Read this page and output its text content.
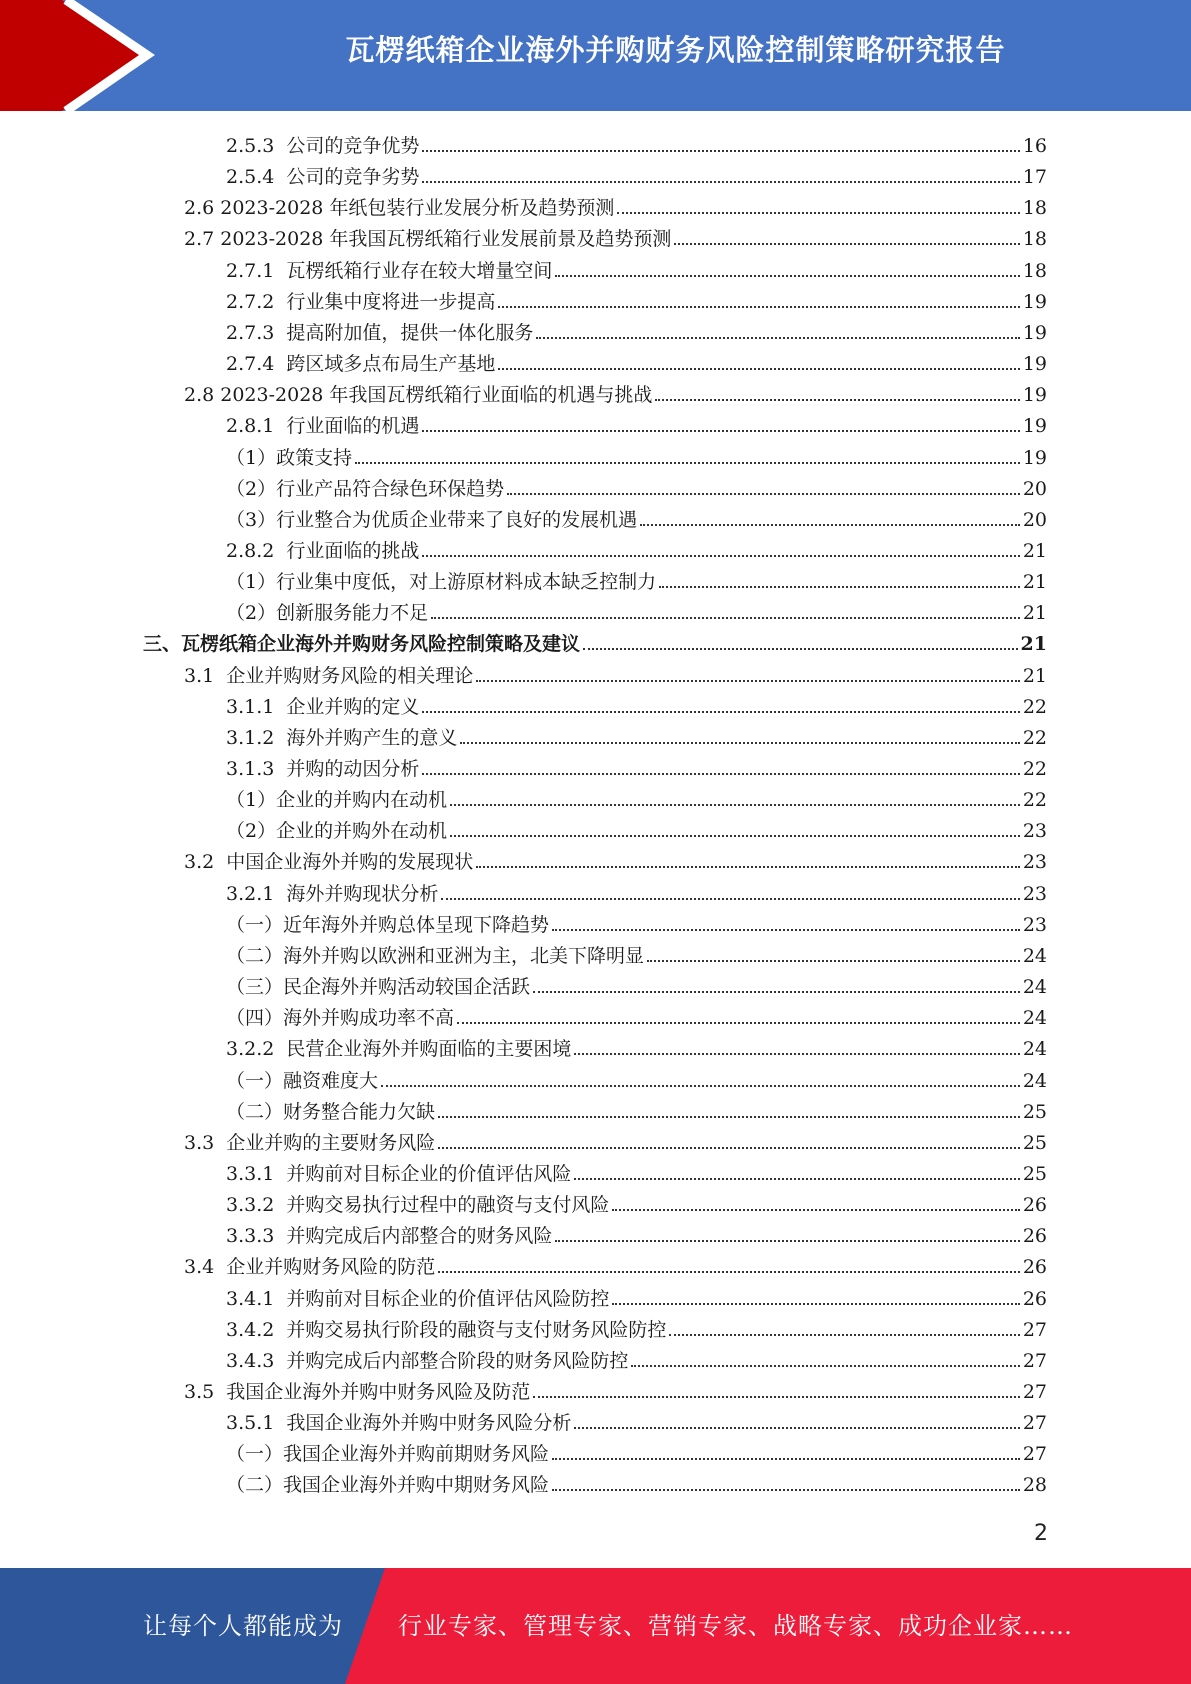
瓦楞纸箱企业海外并购财务风险控制策略研究报告
2.5.3  公司的竞争优势	16
2.5.4  公司的竞争劣势	17
2.6 2023-2028 年纸包装行业发展分析及趋势预测	18
2.7 2023-2028 年我国瓦楞纸箱行业发展前景及趋势预测	18
2.7.1  瓦楞纸箱行业存在较大增量空间	18
2.7.2  行业集中度将进一步提高	19
2.7.3  提高附加值，提供一体化服务	19
2.7.4  跨区域多点布局生产基地	19
2.8 2023-2028 年我国瓦楞纸箱行业面临的机遇与挑战	19
2.8.1  行业面临的机遇	19
（1）政策支持	19
（2）行业产品符合绿色环保趋势	20
（3）行业整合为优质企业带来了良好的发展机遇	20
2.8.2  行业面临的挑战	21
（1）行业集中度低，对上游原材料成本缺乏控制力	21
（2）创新服务能力不足	21
三、瓦楞纸箱企业海外并购财务风险控制策略及建议	21
3.1  企业并购财务风险的相关理论	21
3.1.1  企业并购的定义	22
3.1.2  海外并购产生的意义	22
3.1.3  并购的动因分析	22
（1）企业的并购内在动机	22
（2）企业的并购外在动机	23
3.2  中国企业海外并购的发展现状	23
3.2.1  海外并购现状分析	23
（一）近年海外并购总体呈现下降趋势	23
（二）海外并购以欧洲和亚洲为主，北美下降明显	24
（三）民企海外并购活动较国企活跃	24
（四）海外并购成功率不高	24
3.2.2  民营企业海外并购面临的主要困境	24
（一）融资难度大	24
（二）财务整合能力欠缺	25
3.3  企业并购的主要财务风险	25
3.3.1  并购前对目标企业的价值评估风险	25
3.3.2  并购交易执行过程中的融资与支付风险	26
3.3.3  并购完成后内部整合的财务风险	26
3.4  企业并购财务风险的防范	26
3.4.1  并购前对目标企业的价值评估风险防控	26
3.4.2  并购交易执行阶段的融资与支付财务风险防控	27
3.4.3  并购完成后内部整合阶段的财务风险防控	27
3.5  我国企业海外并购中财务风险及防范	27
3.5.1  我国企业海外并购中财务风险分析	27
（一）我国企业海外并购前期财务风险	27
（二）我国企业海外并购中期财务风险	28
2
让每个人都能成为 行业专家、管理专家、营销专家、战略专家、成功企业家……
